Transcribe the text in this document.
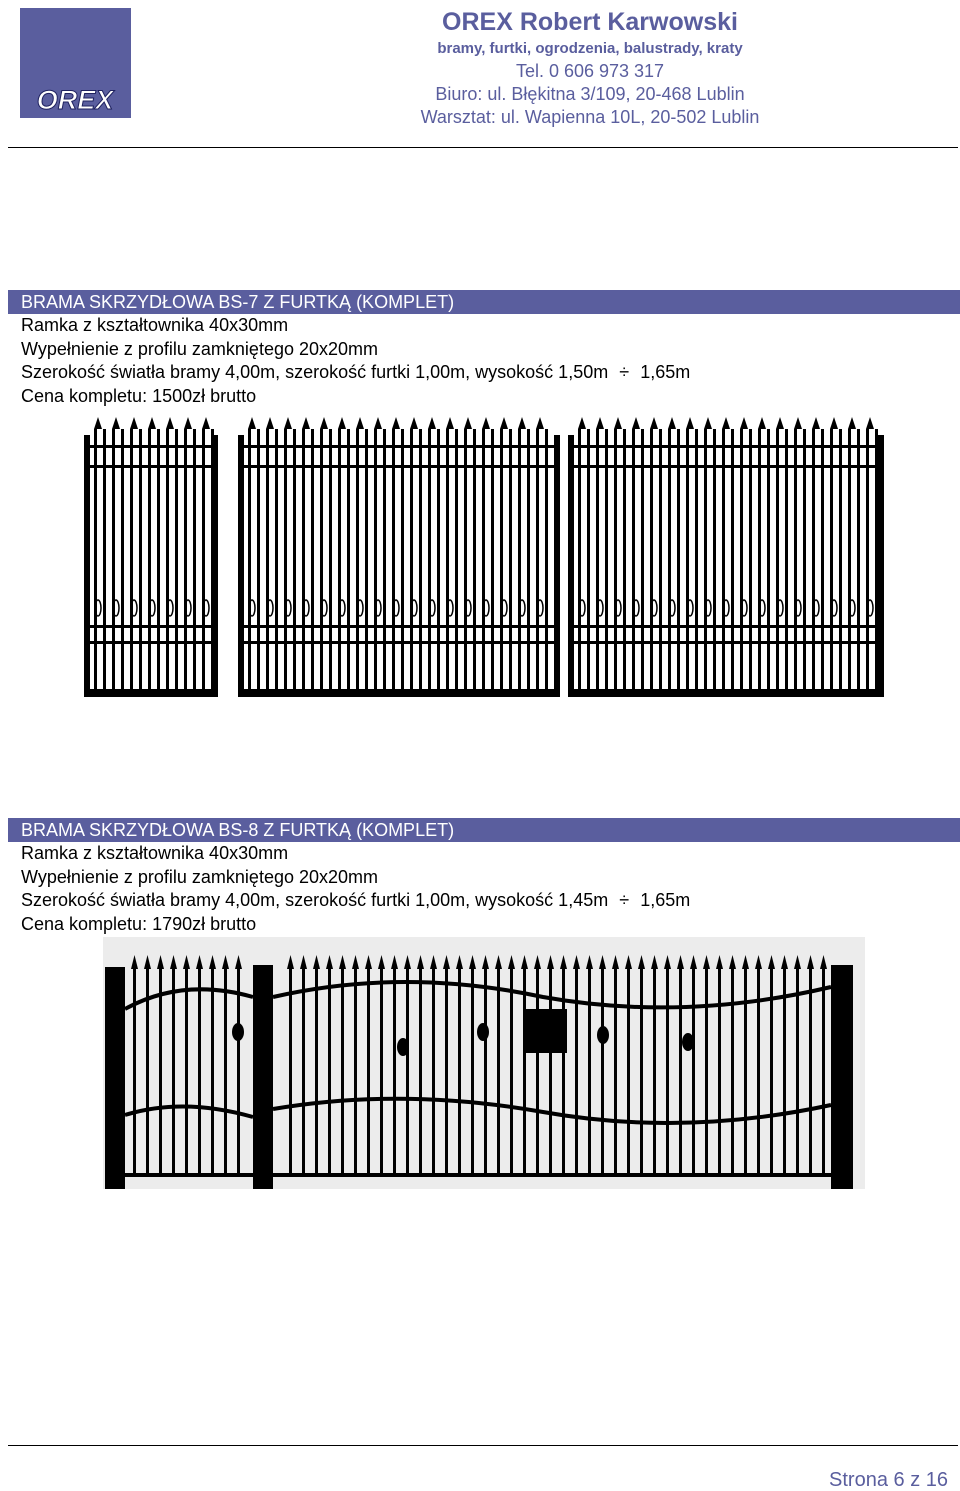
OREX
OREX Robert Karwowski
bramy, furtki, ogrodzenia, balustrady, kraty
Tel. 0 606 973 317
Biuro: ul. Błękitna 3/109, 20-468 Lublin
Warsztat: ul. Wapienna 10L, 20-502 Lublin
BRAMA SKRZYDŁOWA BS-7 Z FURTKĄ (KOMPLET)
Ramka z kształtownika 40x30mm
Wypełnienie z profilu zamkniętego 20x20mm
Szerokość światła bramy 4,00m, szerokość furtki 1,00m, wysokość 1,50m ÷ 1,65m
Cena kompletu: 1500zł brutto
BRAMA SKRZYDŁOWA BS-8 Z FURTKĄ (KOMPLET)
Ramka z kształtownika 40x30mm
Wypełnienie z profilu zamkniętego 20x20mm
Szerokość światła bramy 4,00m, szerokość furtki 1,00m, wysokość 1,45m ÷ 1,65m
Cena kompletu: 1790zł brutto
Strona 6 z 16
